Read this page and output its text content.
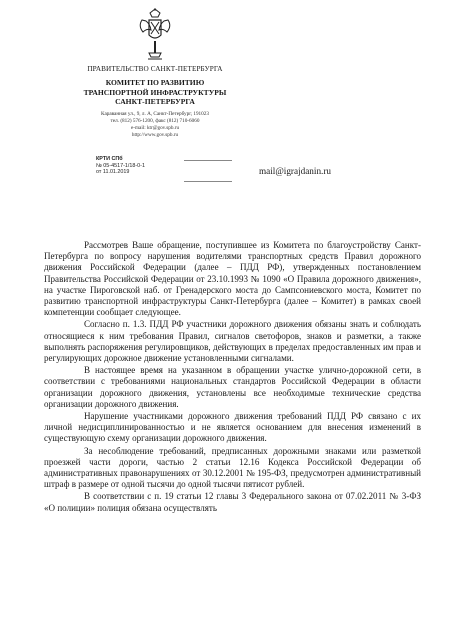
ПРАВИТЕЛЬСТВО САНКТ-ПЕТЕРБУРГА
КОМИТЕТ ПО РАЗВИТИЮ
ТРАНСПОРТНОЙ ИНФРАСТРУКТУРЫ
САНКТ-ПЕТЕРБУРГА
Караванная ул., 9, л. А, Санкт-Петербург, 191023
тел. (812) 576-1200, факс (812) 710-6060
e-mail: ktr@gov.spb.ru
http://www.gov.spb.ru
КРТИ СПб
№ 05-4517-1/18-0-1
от 11.01.2019	mail@igrajdanin.ru

Рассмотрев Ваше обращение, поступившее из Комитета по благоустройству Санкт-Петербурга по вопросу нарушения водителями транспортных средств Правил дорожного движения Российской Федерации (далее – ПДД РФ), утвержденных постановлением Правительства Российской Федерации от 23.10.1993 № 1090 «О Правила дорожного движения», на участке Пироговской наб. от Гренадерского моста до Сампсониевского моста, Комитет по развитию транспортной инфраструктуры Санкт-Петербурга (далее – Комитет) в рамках своей компетенции сообщает следующее.

Согласно п. 1.3. ПДД РФ участники дорожного движения обязаны знать и соблюдать относящиеся к ним требования Правил, сигналов светофоров, знаков и разметки, а также выполнять распоряжения регулировщиков, действующих в пределах предоставленных им прав и регулирующих дорожное движение установленными сигналами.

В настоящее время на указанном в обращении участке улично-дорожной сети, в соответствии с требованиями национальных стандартов Российской Федерации в области организации дорожного движения, установлены все необходимые технические средства организации дорожного движения.

Нарушение участниками дорожного движения требований ПДД РФ связано с их личной недисциплинированностью и не является основанием для внесения изменений в существующую схему организации дорожного движения.

За несоблюдение требований, предписанных дорожными знаками или разметкой проезжей части дороги, частью 2 статьи 12.16 Кодекса Российской Федерации об административных правонарушениях от 30.12.2001 № 195-ФЗ, предусмотрен административный штраф в размере от одной тысячи до одной тысячи пятисот рублей.

В соответствии с п. 19 статьи 12 главы 3 Федерального закона от 07.02.2011 № 3-ФЗ «О полиции» полиция обязана осуществлять
